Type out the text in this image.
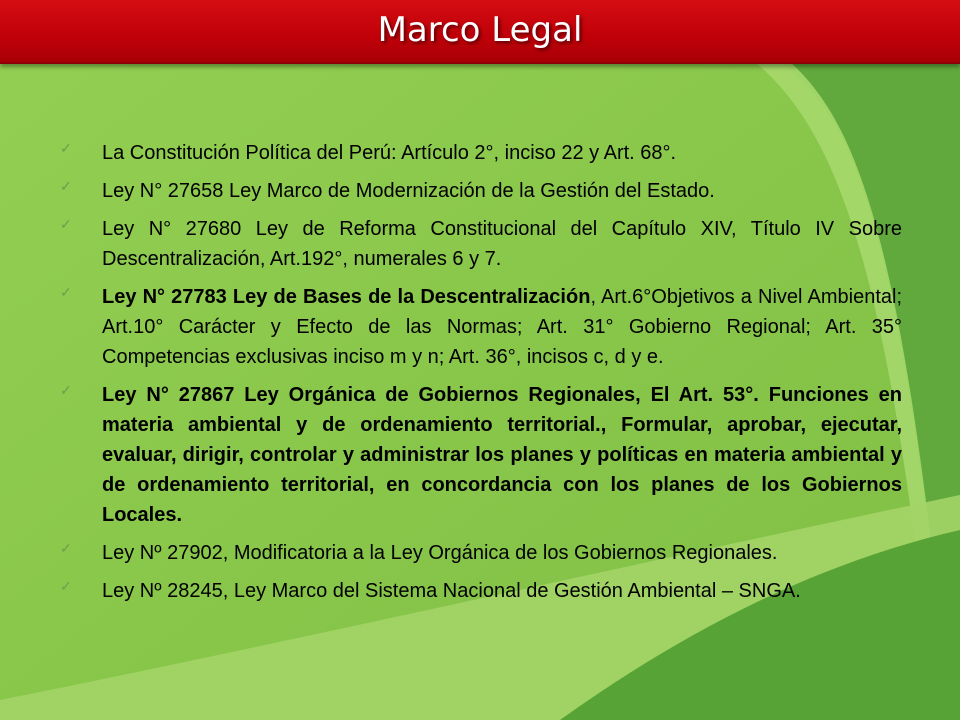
Marco Legal
✓ La Constitución Política del Perú: Artículo 2°, inciso 22 y Art. 68°.
✓ Ley N° 27658 Ley Marco de Modernización de la Gestión del Estado.
✓ Ley N° 27680 Ley de Reforma Constitucional del Capítulo XIV, Título IV Sobre Descentralización, Art.192°, numerales 6 y 7.
✓ Ley N° 27783 Ley de Bases de la Descentralización, Art.6°Objetivos a Nivel Ambiental; Art.10° Carácter y Efecto de las Normas; Art. 31° Gobierno Regional; Art. 35° Competencias exclusivas inciso m y n; Art. 36°, incisos c, d y e.
✓ Ley N° 27867 Ley Orgánica de Gobiernos Regionales, El Art. 53°. Funciones en materia ambiental y de ordenamiento territorial., Formular, aprobar, ejecutar, evaluar, dirigir, controlar y administrar los planes y políticas en materia ambiental y de ordenamiento territorial, en concordancia con los planes de los Gobiernos Locales.
✓ Ley Nº 27902, Modificatoria a la Ley Orgánica de los Gobiernos Regionales.
✓ Ley Nº 28245, Ley Marco del Sistema Nacional de Gestión Ambiental – SNGA.
